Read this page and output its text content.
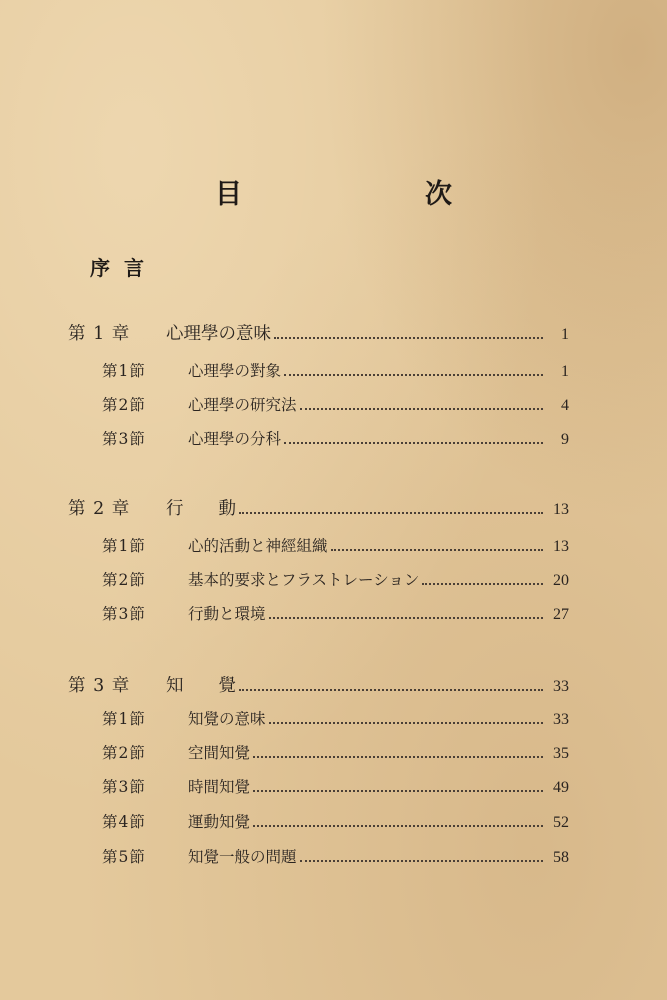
目　次
序言
第 1 章	心理學の意味	1
第1節	心理學の對象	1
第2節	心理學の研究法	4
第3節	心理學の分科	9
第 2 章	行　　動	13
第1節	心的活動と神經組織	13
第2節	基本的要求とフラストレーション	20
第3節	行動と環境	27
第 3 章	知　　覺	33
第1節	知覺の意味	33
第2節	空間知覺	35
第3節	時間知覺	49
第4節	運動知覺	52
第5節	知覺一般の問題	58
